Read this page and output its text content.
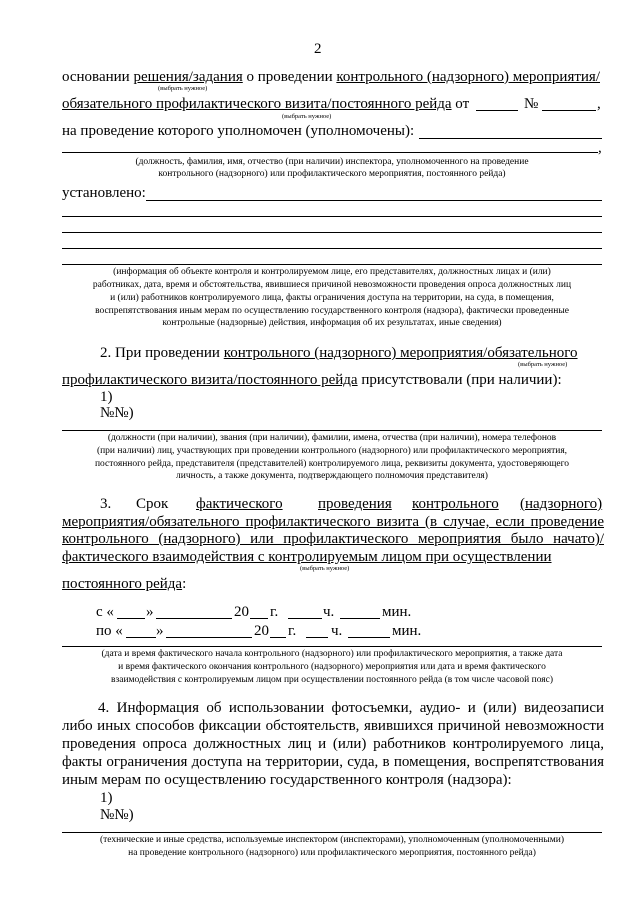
2
основании решения/задания о проведении контрольного (надзорного) мероприятия/
(выбрать нужное)
обязательного профилактического визита/постоянного рейда от	№	,
(выбрать нужное)
на проведение которого уполномочен (уполномочены):
,
(должность, фамилия, имя, отчество (при наличии) инспектора, уполномоченного на проведение
контрольного (надзорного) или профилактического мероприятия, постоянного рейда)
установлено:
(информация об объекте контроля и контролируемом лице, его представителях, должностных лицах и (или)
работниках, дата, время и обстоятельства, явившиеся причиной невозможности проведения опроса должностных лиц
и (или) работников контролируемого лица, факты ограничения доступа на территории, на суда, в помещения,
воспрепятствования иным мерам по осуществлению государственного контроля (надзора), фактически проведенные
контрольные (надзорные) действия, информация об их результатах, иные сведения)
2. При проведении контрольного (надзорного) мероприятия/обязательного
(выбрать нужное)
профилактического визита/постоянного рейда присутствовали (при наличии):
1)
№№)
(должности (при наличии), звания (при наличии), фамилии, имена, отчества (при наличии), номера телефонов
(при наличии) лиц, участвующих при проведении контрольного (надзорного) или профилактического мероприятия,
постоянного рейда, представителя (представителей) контролируемого лица, реквизиты документа, удостоверяющего
личность, а также документа, подтверждающего полномочия представителя)
3. Срок фактического проведения контрольного (надзорного)
мероприятия/обязательного профилактического визита (в случае, если проведение
контрольного (надзорного) или профилактического мероприятия было начато)/
фактического взаимодействия с контролируемым лицом при осуществлении
(выбрать нужное)
постоянного рейда:
с « »	20 г.	ч.	мин.
по « »	20 г. ч.	мин.
(дата и время фактического начала контрольного (надзорного) или профилактического мероприятия, а также дата
и время фактического окончания контрольного (надзорного) мероприятия или дата и время фактического
взаимодействия с контролируемым лицом при осуществлении постоянного рейда (в том числе часовой пояс)
4. Информация об использовании фотосъемки, аудио- и (или) видеозаписи
либо иных способов фиксации обстоятельств, явившихся причиной невозможности
проведения опроса должностных лиц и (или) работников контролируемого лица,
факты ограничения доступа на территории, суда, в помещения, воспрепятствования
иным мерам по осуществлению государственного контроля (надзора):
1)
№№)
(технические и иные средства, используемые инспектором (инспекторами), уполномоченным (уполномоченными)
на проведение контрольного (надзорного) или профилактического мероприятия, постоянного рейда)
